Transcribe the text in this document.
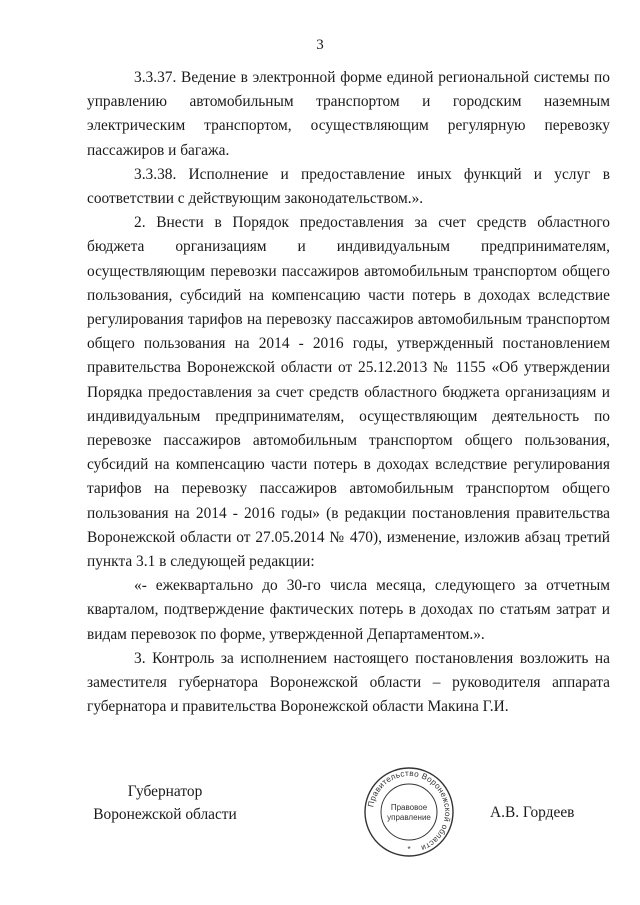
3

3.3.37. Ведение в электронной форме единой региональной системы по управлению автомобильным транспортом и городским наземным электрическим транспортом, осуществляющим регулярную перевозку пассажиров и багажа.

3.3.38. Исполнение и предоставление иных функций и услуг в соответствии с действующим законодательством.».

2. Внести в Порядок предоставления за счет средств областного бюджета организациям и индивидуальным предпринимателям, осуществляющим перевозки пассажиров автомобильным транспортом общего пользования, субсидий на компенсацию части потерь в доходах вследствие регулирования тарифов на перевозку пассажиров автомобильным транспортом общего пользования на 2014 - 2016 годы, утвержденный постановлением правительства Воронежской области от 25.12.2013 № 1155 «Об утверждении Порядка предоставления за счет средств областного бюджета организациям и индивидуальным предпринимателям, осуществляющим деятельность по перевозке пассажиров автомобильным транспортом общего пользования, субсидий на компенсацию части потерь в доходах вследствие регулирования тарифов на перевозку пассажиров автомобильным транспортом общего пользования на 2014 - 2016 годы» (в редакции постановления правительства Воронежской области от 27.05.2014 № 470), изменение, изложив абзац третий пункта 3.1 в следующей редакции:

«- ежеквартально до 30-го числа месяца, следующего за отчетным кварталом, подтверждение фактических потерь в доходах по статьям затрат и видам перевозок по форме, утвержденной Департаментом.».

3. Контроль за исполнением настоящего постановления возложить на заместителя губернатора Воронежской области – руководителя аппарата губернатора и правительства Воронежской области Макина Г.И.

Губернатор
Воронежской области
Правительство Воронежской области
Правовое
управление
*
А.В. Гордеев
